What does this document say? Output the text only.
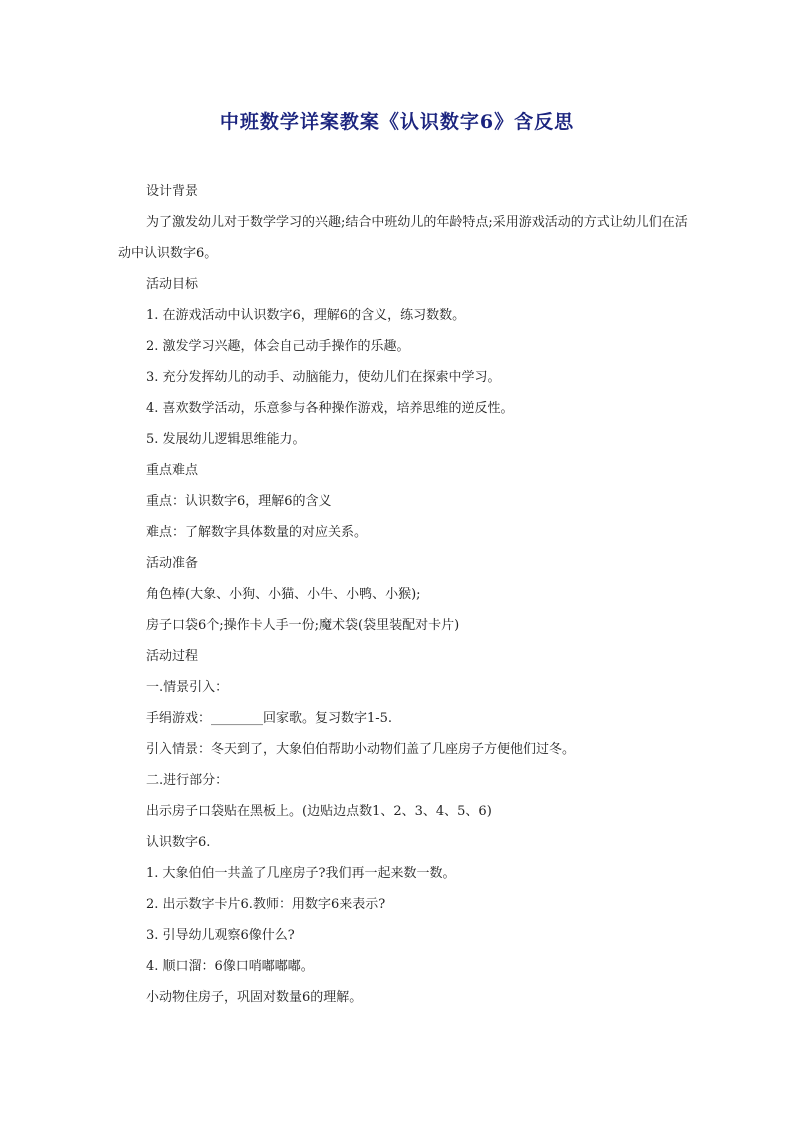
中班数学详案教案《认识数字6》含反思

设计背景

为了激发幼儿对于数学学习的兴趣;结合中班幼儿的年龄特点;采用游戏活动的方式让幼儿们在活动中认识数字6。

活动目标

1. 在游戏活动中认识数字6，理解6的含义，练习数数。

2. 激发学习兴趣，体会自己动手操作的乐趣。

3. 充分发挥幼儿的动手、动脑能力，使幼儿们在探索中学习。

4. 喜欢数学活动，乐意参与各种操作游戏，培养思维的逆反性。

5. 发展幼儿逻辑思维能力。

重点难点

重点：认识数字6，理解6的含义

难点：了解数字具体数量的对应关系。

活动准备

角色棒(大象、小狗、小猫、小牛、小鸭、小猴);

房子口袋6个;操作卡人手一份;魔术袋(袋里装配对卡片)

活动过程

一.情景引入：

手绢游戏：________回家歌。复习数字1-5.

引入情景：冬天到了，大象伯伯帮助小动物们盖了几座房子方便他们过冬。

二.进行部分：

出示房子口袋贴在黑板上。(边贴边点数1、2、3、4、5、6)

认识数字6.

1. 大象伯伯一共盖了几座房子?我们再一起来数一数。

2. 出示数字卡片6.教师：用数字6来表示?

3. 引导幼儿观察6像什么?

4. 顺口溜：6像口哨嘟嘟嘟。

小动物住房子，巩固对数量6的理解。
